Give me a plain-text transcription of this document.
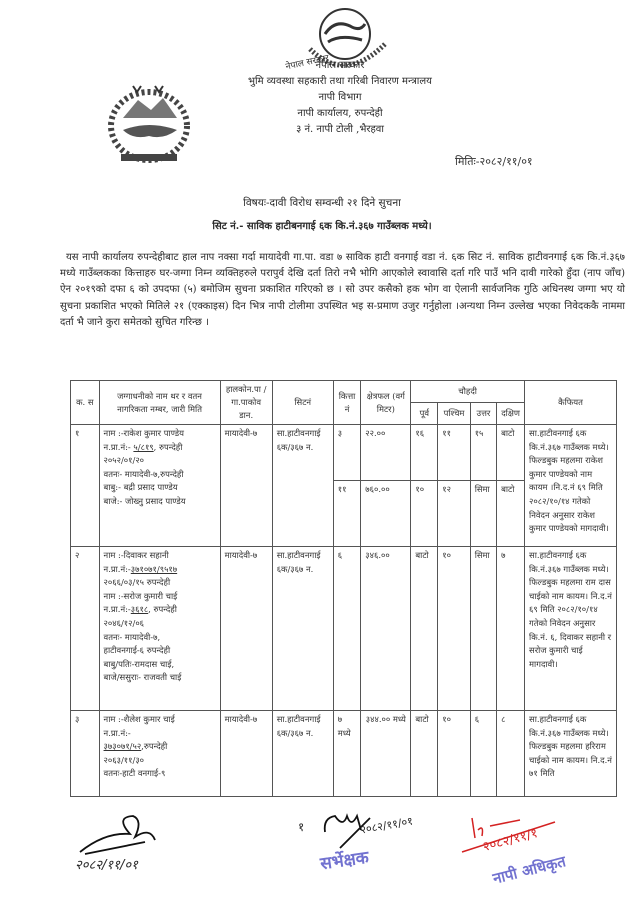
नेपाल सरकार
नेपाल सरकार
भुमि व्यवस्था सहकारी तथा गरिबी निवारण मन्त्रालय
नापी विभाग
नापी कार्यालय, रुपन्देही
३ नं. नापी टोली ,भैरहवा
मितिः-२०८२/११/०१
विषयः-दावी विरोध सम्वन्धी २१ दिने सुचना
सिट नं.- साविक हाटीबनगाई ६क कि.नं.३६७ गाउँब्लक मध्ये।
यस नापी कार्यालय रुपन्देहीबाट हाल नाप नक्सा गर्दा मायादेवी गा.पा. वडा ७ साविक हाटी वनगाई वडा नं. ६क सिट नं. साविक हाटीवनगाई ६क कि.नं.३६७ मध्ये गाउँब्लकका कित्ताहरु घर-जग्गा निम्न व्यक्तिहरुले परापुर्व देखि दर्ता तिरो नभै भोगि आएकोले स्वावासि दर्ता गरि पाउँ भनि दावी गारेको हुँदा (नाप जाँच) ऐन २०१९को दफा ६ को उपदफा (५) बमोजिम सुचना प्रकाशित गरिएको छ । सो उपर कसैको हक भोग वा ऐलानी सार्वजनिक गुठि अधिनस्थ जग्गा भए यो सुचना प्रकाशित भएको मितिले २१ (एक्काइस) दिन भित्र नापी टोलीमा उपस्थित भइ स-प्रमाण उजुर गर्नुहोला ।अन्यथा निम्न उल्लेख भएका निवेदककै नाममा दर्ता भै जाने कुरा समेतको सुचित गरिन्छ ।
क. स	जग्गाधनीको नाम थर र वतन नागरिकता नम्बर, जारी मिति	हालकोन.पा /गा.पाकोव डान.	सिटनं	कित्ता नं	क्षेत्रफल (वर्ग मिटर)	चौहदी				कैफियत
						पूर्व	पश्चिम	उत्तर	दक्षिण	
१	नाम :-राकेश कुमार पाण्डेय
न.प्रा.नं:- ५/८१९, रुपन्देही
२०५२/०१/२०
वतनः- मायादेवी-७,रुपन्देही
बाबु:- बद्री प्रसाद पाण्डेय
बाजे:- जोख्नु प्रसाद पाण्डेय
	मायादेवी-७	सा.हाटीवनगाई ६क/३६७ न.	३	२२.००	१६	११	१५	बाटो	सा.हाटीवनगाई ६क कि.नं.३६७ गाउँब्लक मध्ये। फिल्डबुक महलमा राकेश कुमार पाण्डेयको नाम कायम ।नि.द.नं ६९ मिति २०८२/१०/१४ गतेको निवेदन अनुसार राकेश कुमार पाण्डेयको मागदावी।
				११	७६०.००	१०	१२	सिमा	बाटो	
२	नाम :-दिवाकर सहानी
न.प्रा.नं:-३७१०७१/९५१७
२०६६/०३/१५ रुपन्देही
नाम :-सरोज कुमारी चाई
न.प्रा.नं:-३६१८, रुपन्देही
२०४६/१२/०६
वतनः- मायादेवी-७,
हाटीवनगाई-६ रुपन्देही
बाबु/पतिः-रामदास चाई,
बाजे/ससुराः- राजवती चाई
	मायादेवी-७	सा.हाटीवनगाई ६क/३६७ न.	६	३४६.००	बाटो	१०	सिमा	७	सा.हाटीवनगाई ६क कि.नं.३६७ गाउँब्लक मध्ये। फिल्डबुक महलमा राम दास चाईको नाम कायम। नि.द.नं ६९ मिति २०८२/१०/१४ गतेको निवेदन अनुसार कि.नं. ६, दिवाकर सहानी र सरोज कुमारी चाई मागदावी।
३	नाम :-शैलेश कुमार चाई
न.प्रा.नं:-
३७३०७१/५२,रुपन्देही
२०६३/११/३०
वतनः-हाटी वनगाई-९	मायादेवी-७	सा.हाटीवनगाई ६क/३६७ न.	७ मध्ये	३४४.०० मध्ये	बाटो	१०	६	८	सा.हाटीवनगाई ६क कि.नं.३६७ गाउँब्लक मध्ये। फिल्डबुक महलमा हरिराम चाईको नाम कायम। नि.द.नं ७१ मिति
२०८२/११/०१
१	२०८२/११/०१
सर्भेक्षक
२०८२/११/१
नापी अधिकृत
